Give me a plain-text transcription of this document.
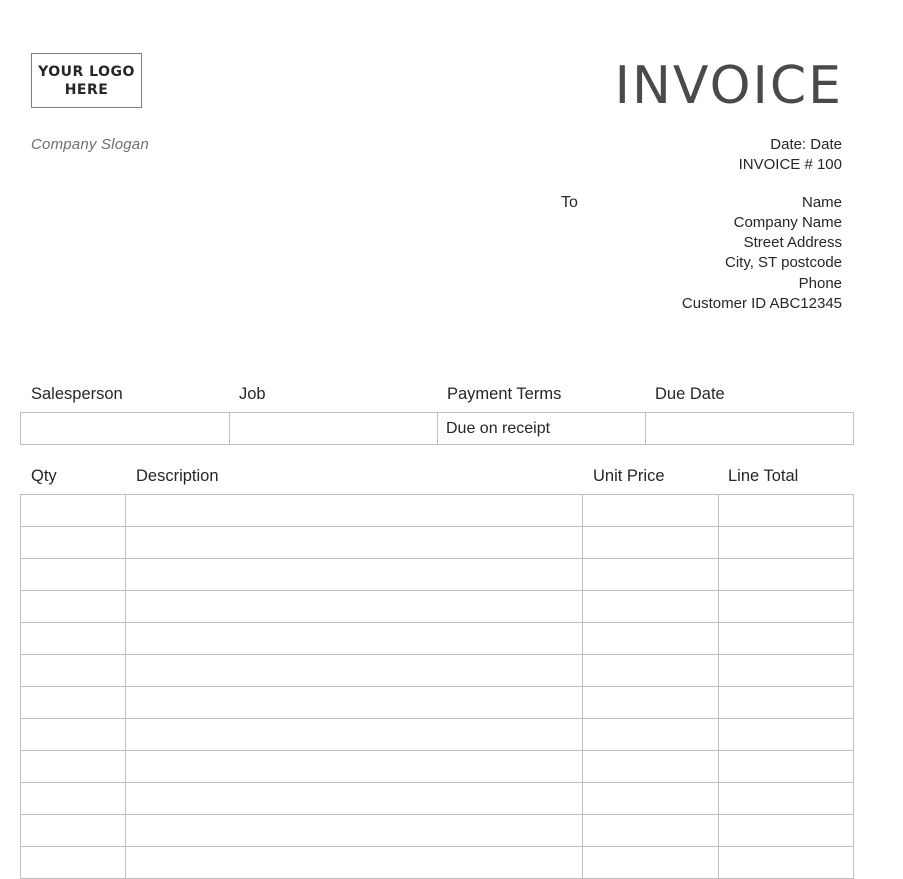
YOUR LOGO
HERE
Company Slogan
INVOICE
Date: Date
INVOICE # 100
To	Name
Company Name
Street Address
City, ST postcode
Phone
Customer ID ABC12345
Salesperson	Job	Payment Terms	Due Date
		Due on receipt	
Qty	Description	Unit Price	Line Total
